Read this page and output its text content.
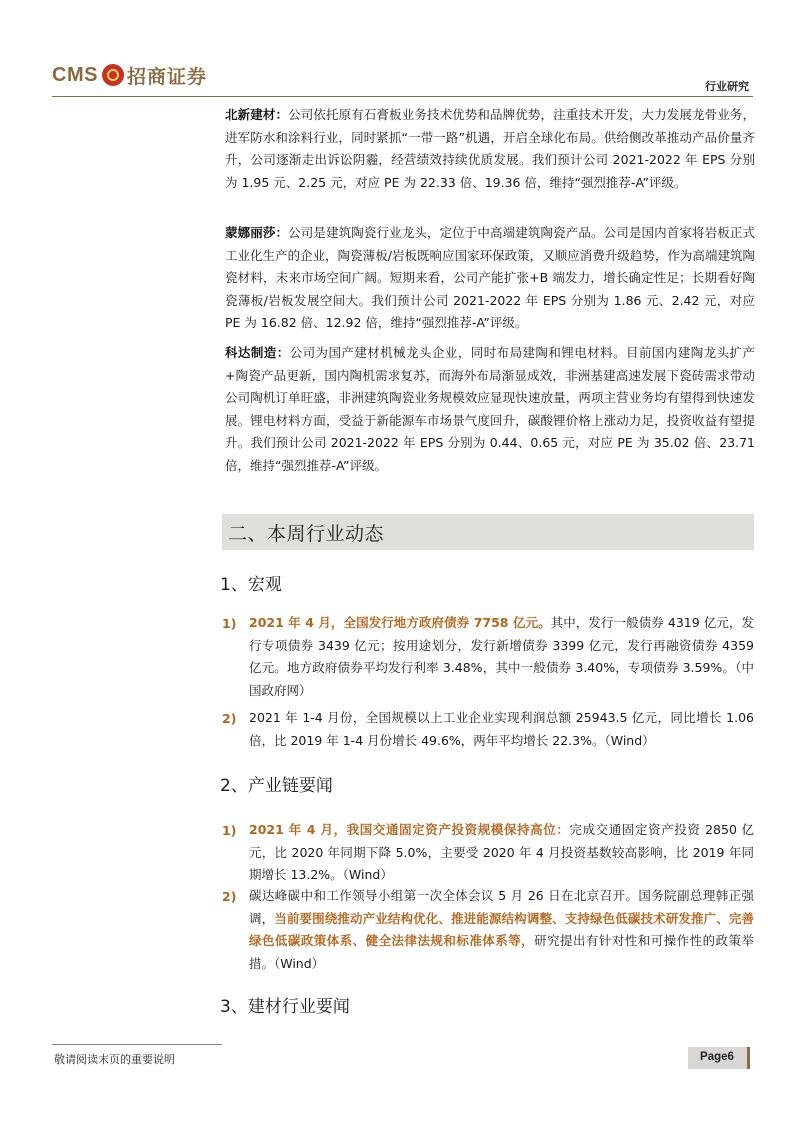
CMS 招商证券	行业研究
北新建材：公司依托原有石膏板业务技术优势和品牌优势，注重技术开发，大力发展龙骨业务，进军防水和涂料行业，同时紧抓“一带一路”机遇，开启全球化布局。供给侧改革推动产品价量齐升，公司逐渐走出诉讼阴霾，经营绩效持续优质发展。我们预计公司 2021-2022 年 EPS 分别为 1.95 元、2.25 元，对应 PE 为 22.33 倍、19.36 倍，维持“强烈推荐-A”评级。
蒙娜丽莎：公司是建筑陶瓷行业龙头，定位于中高端建筑陶瓷产品。公司是国内首家将岩板正式工业化生产的企业，陶瓷薄板/岩板既响应国家环保政策，又顺应消费升级趋势，作为高端建筑陶瓷材料，未来市场空间广阔。短期来看，公司产能扩张+B 端发力，增长确定性足；长期看好陶瓷薄板/岩板发展空间大。我们预计公司 2021-2022 年 EPS 分别为 1.86 元、2.42 元，对应 PE 为 16.82 倍、12.92 倍，维持“强烈推荐-A”评级。
科达制造：公司为国产建材机械龙头企业，同时布局建陶和锂电材料。目前国内建陶龙头扩产+陶瓷产品更新，国内陶机需求复苏，而海外布局渐显成效，非洲基建高速发展下瓷砖需求带动公司陶机订单旺盛，非洲建筑陶瓷业务规模效应显现快速放量，两项主营业务均有望得到快速发展。锂电材料方面，受益于新能源车市场景气度回升，碳酸锂价格上涨动力足，投资收益有望提升。我们预计公司 2021-2022 年 EPS 分别为 0.44、0.65 元，对应 PE 为 35.02 倍、23.71 倍，维持“强烈推荐-A”评级。
二、本周行业动态
1、宏观
1) 2021 年 4 月，全国发行地方政府债券 7758 亿元。其中，发行一般债券 4319 亿元，发行专项债券 3439 亿元；按用途划分，发行新增债券 3399 亿元，发行再融资债券 4359 亿元。地方政府债券平均发行利率 3.48%，其中一般债券 3.40%，专项债券 3.59%。（中国政府网）
2) 2021 年 1-4 月份，全国规模以上工业企业实现利润总额 25943.5 亿元，同比增长 1.06 倍，比 2019 年 1-4 月份增长 49.6%，两年平均增长 22.3%。（Wind）
2、产业链要闻
1) 2021 年 4 月，我国交通固定资产投资规模保持高位：完成交通固定资产投资 2850 亿元，比 2020 年同期下降 5.0%，主要受 2020 年 4 月投资基数较高影响，比 2019 年同期增长 13.2%。（Wind）
2) 碳达峰碳中和工作领导小组第一次全体会议 5 月 26 日在北京召开。国务院副总理韩正强调，当前要围绕推动产业结构优化、推进能源结构调整、支持绿色低碳技术研发推广、完善绿色低碳政策体系、健全法律法规和标准体系等，研究提出有针对性和可操作性的政策举措。（Wind）
3、建材行业要闻
敬请阅读末页的重要说明	Page6
